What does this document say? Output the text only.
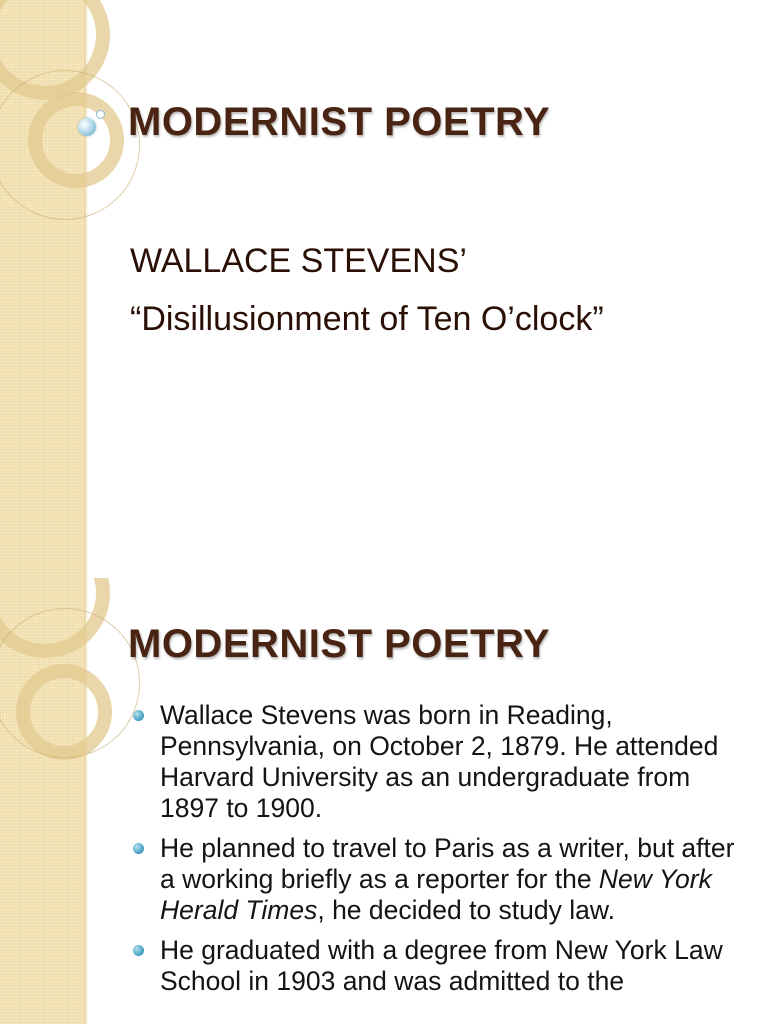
MODERNIST POETRY

WALLACE STEVENS’

“Disillusionment of Ten O’clock”

MODERNIST POETRY
Wallace Stevens was born in Reading, Pennsylvania, on October 2, 1879. He attended Harvard University as an undergraduate from 1897 to 1900.
He planned to travel to Paris as a writer, but after a working briefly as a reporter for the New York Herald Times, he decided to study law.
He graduated with a degree from New York Law School in 1903 and was admitted to the
